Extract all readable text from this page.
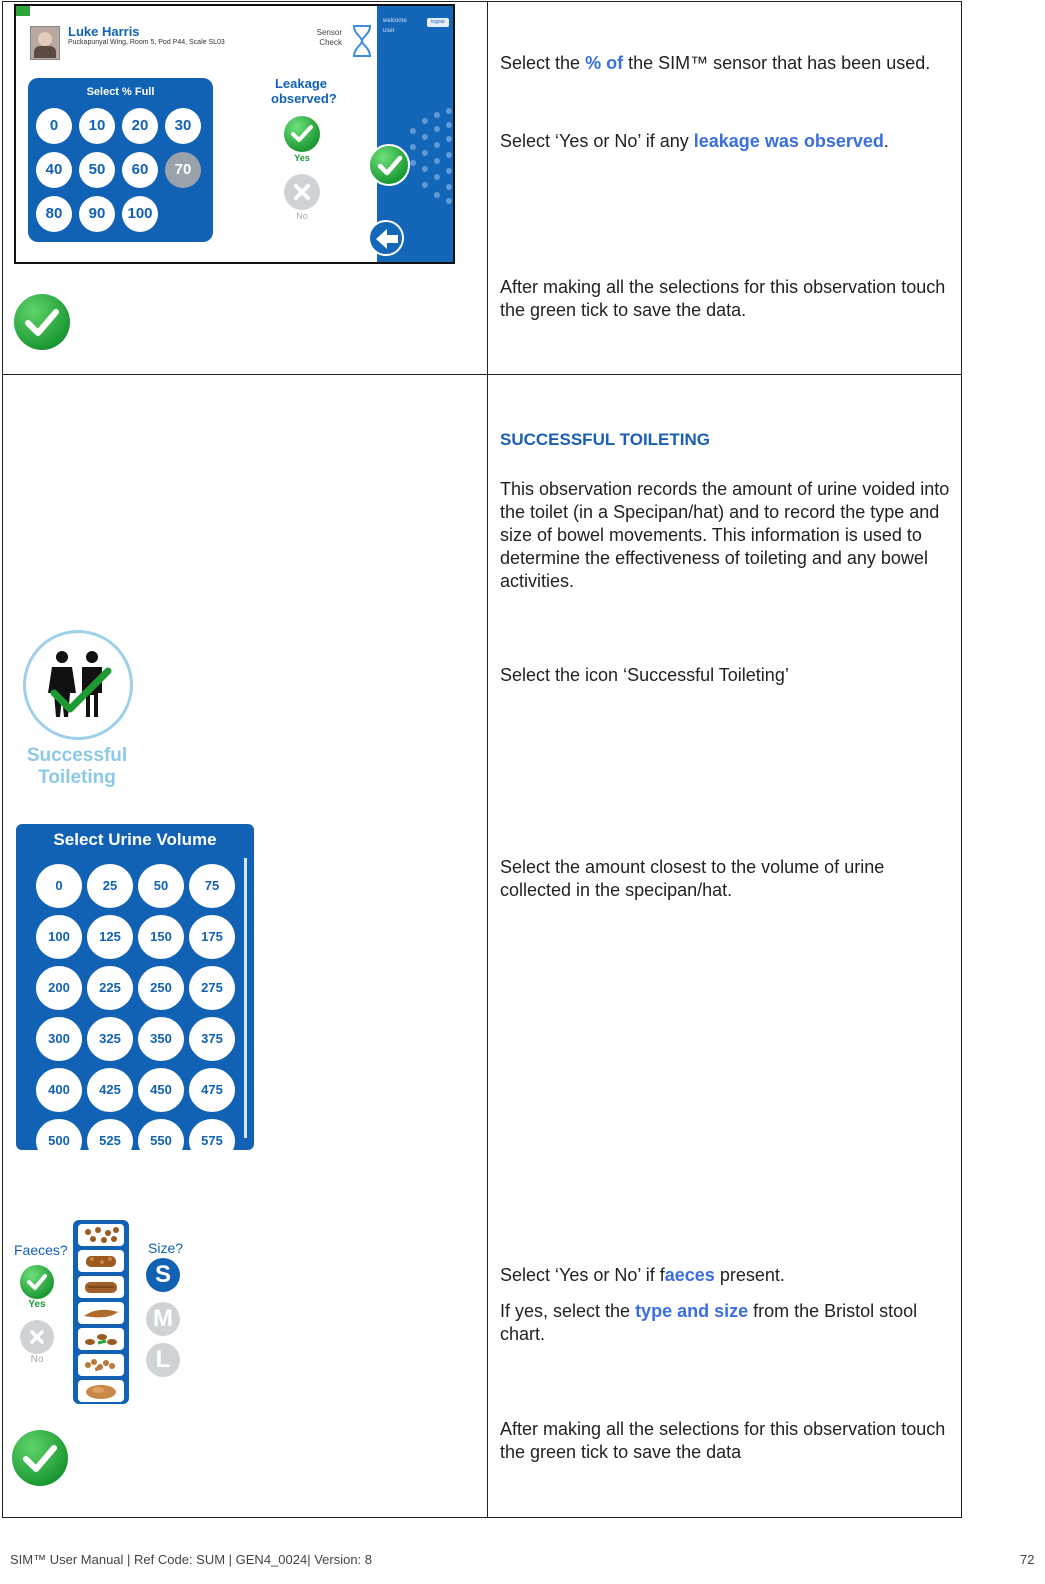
Luke Harris
Puckapunyal Wing, Room 5, Pod P44, Scale SL03
Sensor Check
welcome
user
logout
Select % Full
0	10	20	30
40	50	60	70
80	90	100
Leakage observed?
Yes
No

Select the % of the SIM™ sensor that has been used.

Select ‘Yes or No’ if any leakage was observed.

After making all the selections for this observation touch the green tick to save the data.
SUCCESSFUL TOILETING
This observation records the amount of urine voided into the toilet (in a Specipan/hat) and to record the type and size of bowel movements. This information is used to determine the effectiveness of toileting and any bowel activities.
Select the icon ‘Successful Toileting’
Select the amount closest to the volume of urine collected in the specipan/hat.

Select ‘Yes or No’ if faeces present.

If yes, select the type and size from the Bristol stool chart.

After making all the selections for this observation touch the green tick to save the data
Successful
Toileting
Select Urine Volume
0	25	50	75
100	125	150	175
200	225	250	275
300	325	350	375
400	425	450	475
500	525	550	575
Faeces?
Yes
No
Size?
S
M
L
SIM™ User Manual | Ref Code: SUM | GEN4_0024| Version: 8	72
